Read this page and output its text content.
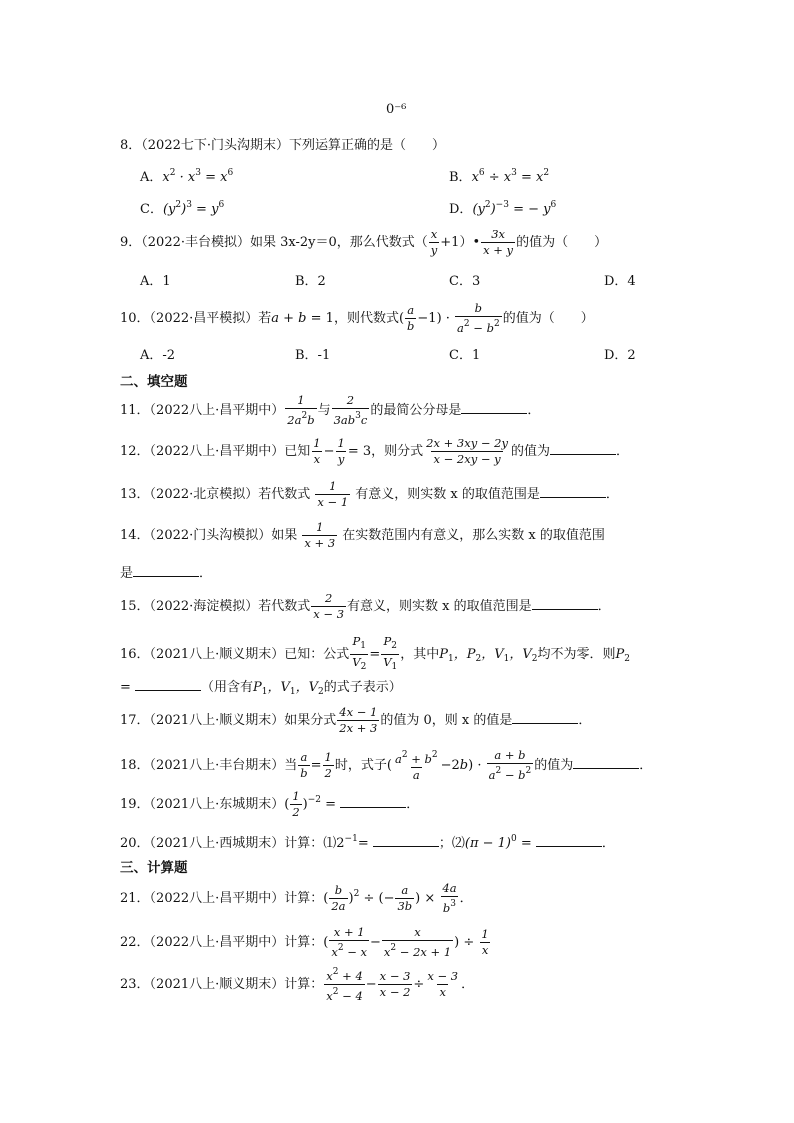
0⁻⁶
8．（2022七下·门头沟期末）下列运算正确的是（　　）
A．$x^2 \cdot x^3 = x^6$	B．$x^6 \div x^3 = x^2$
C．$(y^2)^3 = y^6$	D．$(y^2)^{-3}$ = − $y^6$
9．（2022·丰台模拟）如果 3x-2y＝0，那么代数式（ $\frac{x}{y}$ +1）• $\frac{3x}{x + y}$ 的值为（　　）
A．1	B．2	C．3	D．4
10．（2022·昌平模拟）若a + b = 1，则代数式( $\frac{a}{b} -1) \cdot \frac{b}{a^2 - b^2}$ 的值为（　　）
A．-2	B．-1	C．1	D．2
二、填空题
11．（2022八上·昌平期中） $\frac{1}{2a^2b}$ 与 $\frac{2}{3ab^3c}$ 的最简公分母是	．
12．（2022八上·昌平期中）已知 $\frac{1}{x} - \frac{1}{y} = 3$，则分式 $\frac{2x + 3xy - 2y}{x - 2xy - y}$ 的值为	．
13．（2022·北京模拟）若代数式 $\frac{1}{x - 1}$ 有意义，则实数 x 的取值范围是	．
14．（2022·门头沟模拟）如果 $\frac{1}{x + 3}$ 在实数范围内有意义，那么实数 x 的取值范围
是	．
15．（2022·海淀模拟）若代数式 $\frac{2}{x - 3}$ 有意义，则实数 x 的取值范围是	．
16．（2021八上·顺义期末）已知：公式 $\frac{P_1}{V_2} = \frac{P_2}{V_1}$ ，其中$P_1$，$P_2$，$V_1$，$V_2$均不为零．则$P_2$
=	（用含有$P_1$，$V_1$，$V_2$的式子表示）
17．（2021八上·顺义期末）如果分式 $\frac{4x - 1}{2x + 3}$ 的值为 0，则 x 的值是	．
18．（2021八上·丰台期末）当 $\frac{a}{b} = \frac{1}{2}$ 时，式子( $\frac{a^2 + b^2}{a} -2b) \cdot \frac{a + b}{a^2 - b^2}$ 的值为	．
19．（2021八上·东城期末）( $\frac{1}{2} )^{-2}$ =	．
20．（2021八上·西城期末）计算：$⑴2^{-1}=$	；⑵(π − 1)$^0$ =	．
三、计算题
21．（2022八上·昌平期中）计算：( $\frac{b}{2a} )^2$ ÷ (− $\frac{a}{3b}$ ) × $\frac{4a}{b^3}$ ．
22．（2022八上·昌平期中）计算：( $\frac{x + 1}{x^2 - x} - \frac{x}{x^2 - 2x + 1}$ ) ÷ $\frac{1}{x}$
23．（2021八上·顺义期末）计算： $\frac{x^2 + 4}{x^2 - 4} - \frac{x - 3}{x - 2} \div \frac{x - 3}{x}$ ．
